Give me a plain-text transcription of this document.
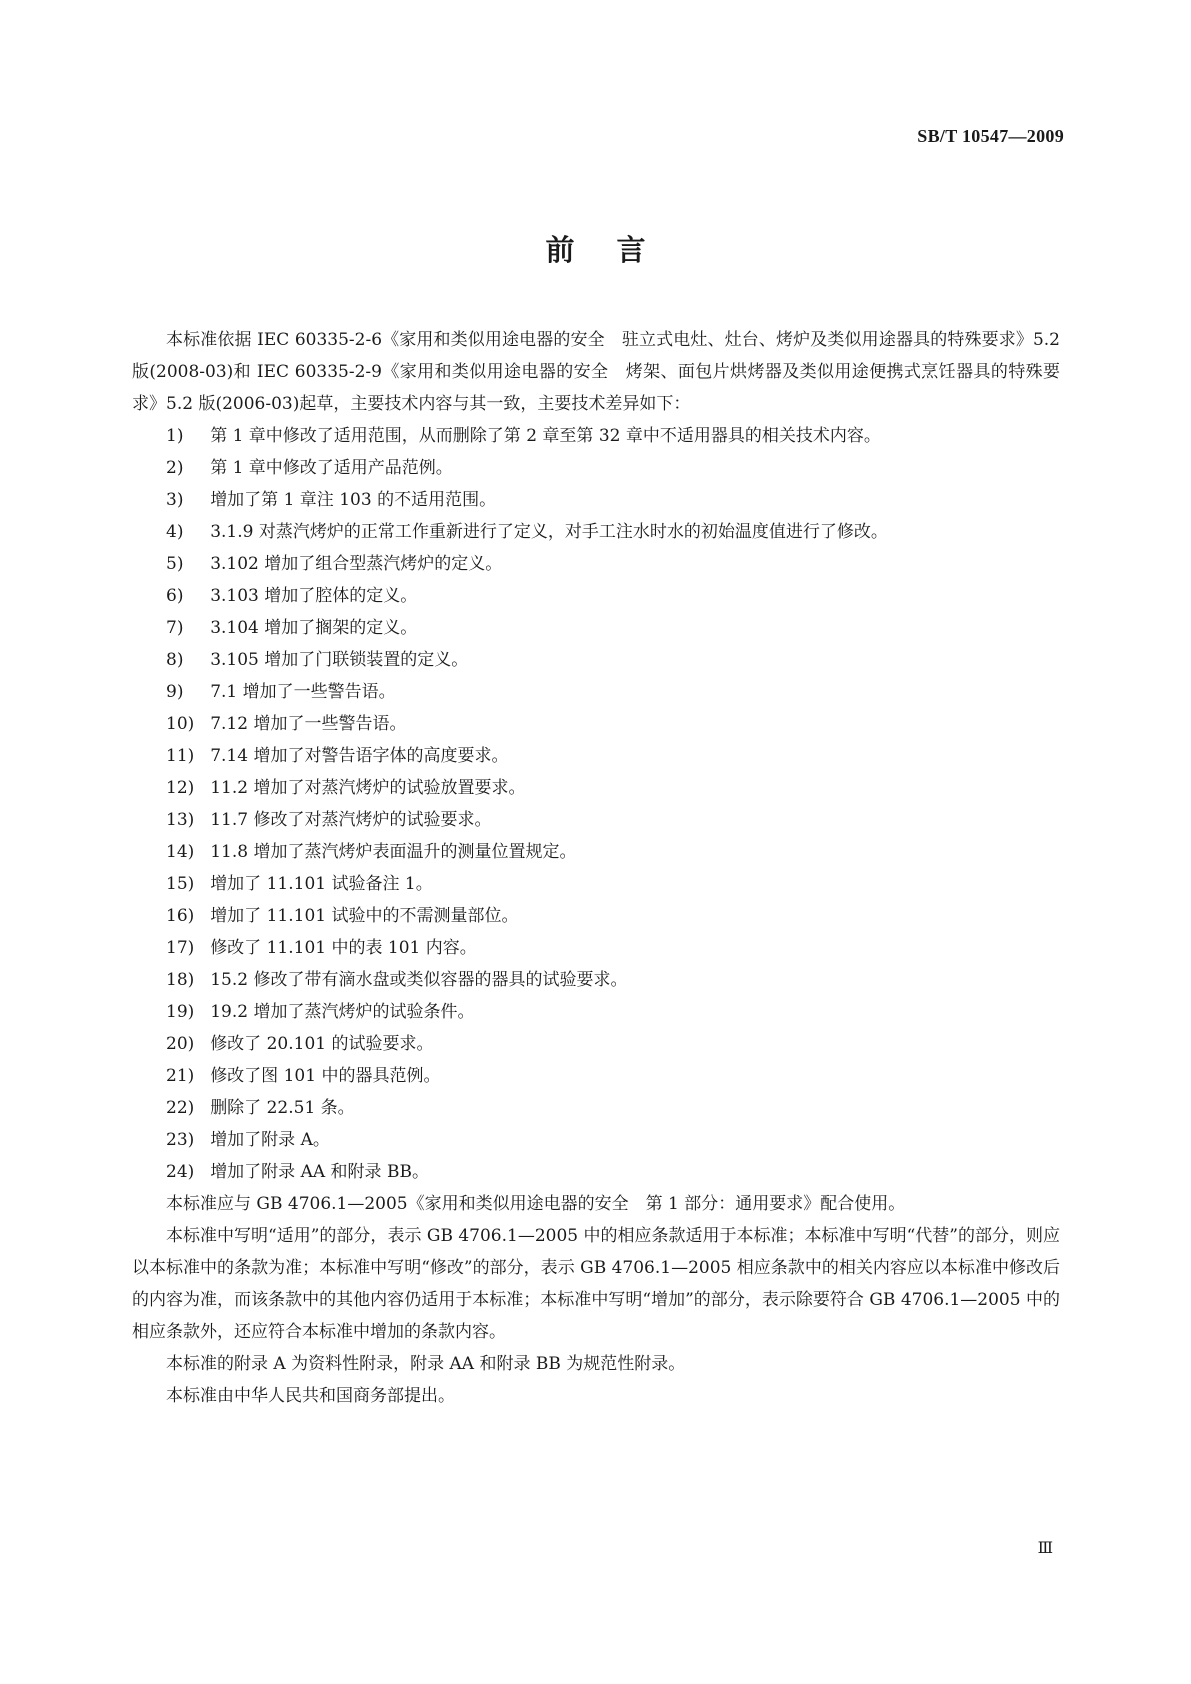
SB/T 10547—2009
前言

本标准依据 IEC 60335-2-6《家用和类似用途电器的安全　驻立式电灶、灶台、烤炉及类似用途器具的特殊要求》5.2 版(2008-03)和 IEC 60335-2-9《家用和类似用途电器的安全　烤架、面包片烘烤器及类似用途便携式烹饪器具的特殊要求》5.2 版(2006-03)起草，主要技术内容与其一致，主要技术差异如下：

1) 第 1 章中修改了适用范围，从而删除了第 2 章至第 32 章中不适用器具的相关技术内容。
2) 第 1 章中修改了适用产品范例。
3) 增加了第 1 章注 103 的不适用范围。
4) 3.1.9 对蒸汽烤炉的正常工作重新进行了定义，对手工注水时水的初始温度值进行了修改。
5) 3.102 增加了组合型蒸汽烤炉的定义。
6) 3.103 增加了腔体的定义。
7) 3.104 增加了搁架的定义。
8) 3.105 增加了门联锁装置的定义。
9) 7.1 增加了一些警告语。
10) 7.12 增加了一些警告语。
11) 7.14 增加了对警告语字体的高度要求。
12) 11.2 增加了对蒸汽烤炉的试验放置要求。
13) 11.7 修改了对蒸汽烤炉的试验要求。
14) 11.8 增加了蒸汽烤炉表面温升的测量位置规定。
15) 增加了 11.101 试验备注 1。
16) 增加了 11.101 试验中的不需测量部位。
17) 修改了 11.101 中的表 101 内容。
18) 15.2 修改了带有滴水盘或类似容器的器具的试验要求。
19) 19.2 增加了蒸汽烤炉的试验条件。
20) 修改了 20.101 的试验要求。
21) 修改了图 101 中的器具范例。
22) 删除了 22.51 条。
23) 增加了附录 A。
24) 增加了附录 AA 和附录 BB。

本标准应与 GB 4706.1—2005《家用和类似用途电器的安全　第 1 部分：通用要求》配合使用。

本标准中写明“适用”的部分，表示 GB 4706.1—2005 中的相应条款适用于本标准；本标准中写明“代替”的部分，则应以本标准中的条款为准；本标准中写明“修改”的部分，表示 GB 4706.1—2005 相应条款中的相关内容应以本标准中修改后的内容为准，而该条款中的其他内容仍适用于本标准；本标准中写明“增加”的部分，表示除要符合 GB 4706.1—2005 中的相应条款外，还应符合本标准中增加的条款内容。

本标准的附录 A 为资料性附录，附录 AA 和附录 BB 为规范性附录。

本标准由中华人民共和国商务部提出。

Ⅲ
